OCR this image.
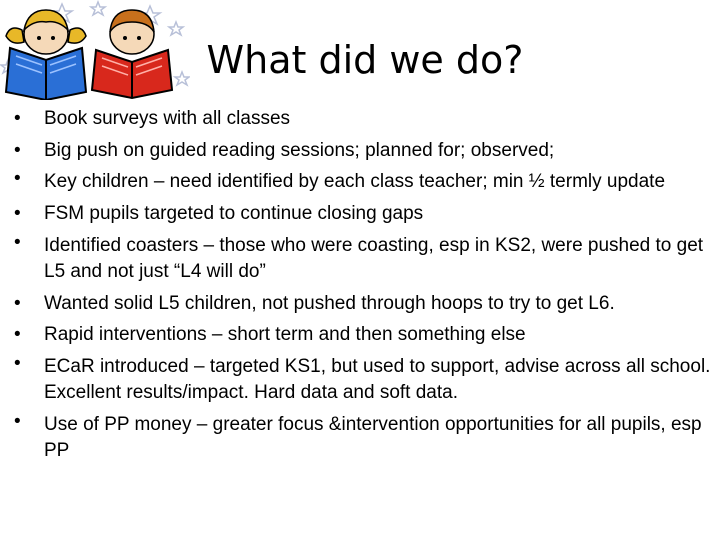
What did we do?
•	Book surveys with all classes
•	Big push on guided reading sessions; planned for; observed;
•	Key children – need identified by each class teacher; min ½ termly update
•	FSM pupils targeted to continue closing gaps
•	Identified coasters – those who were coasting, esp in KS2, were pushed to get L5 and not just “L4 will do”
•	Wanted solid L5 children, not pushed through hoops to try to get L6.
•	Rapid interventions – short term and then something else
•	ECaR introduced – targeted KS1, but used to support, advise across all school. Excellent results/impact. Hard data and soft data.
•	Use of PP money – greater focus &intervention opportunities for all pupils, esp PP
